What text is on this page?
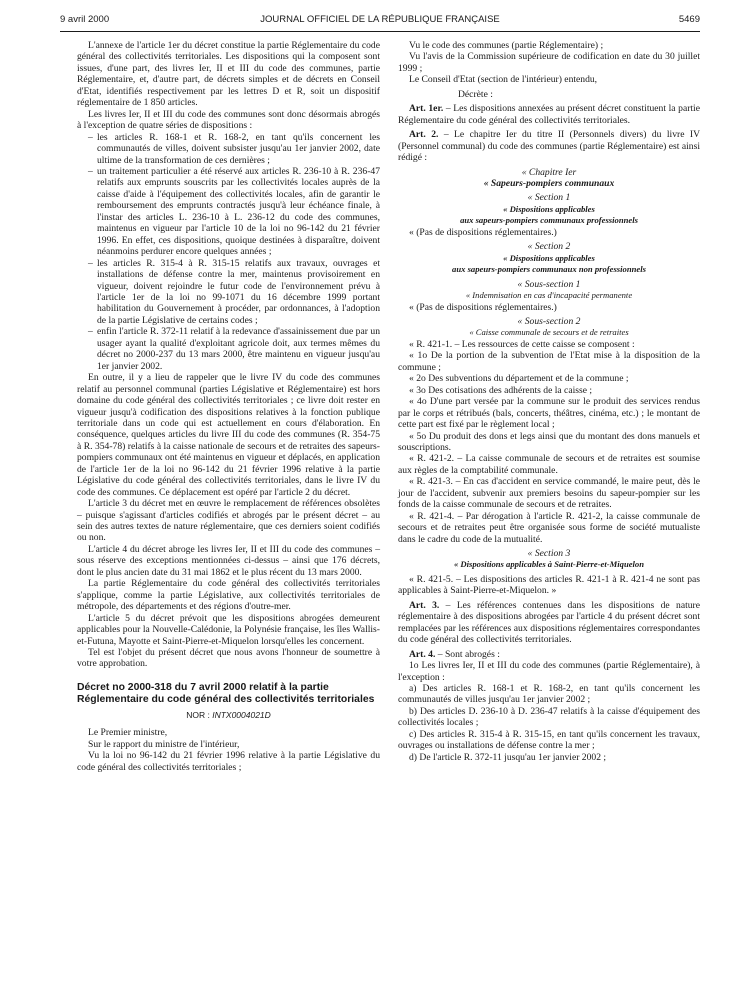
9 avril 2000	JOURNAL OFFICIEL DE LA RÉPUBLIQUE FRANÇAISE	5469

L'annexe de l'article 1er du décret constitue la partie Réglementaire du code général des collectivités territoriales. Les dispositions qui la composent sont issues, d'une part, des livres Ier, II et III du code des communes, partie Réglementaire, et, d'autre part, de décrets simples et de décrets en Conseil d'Etat, identifiés respectivement par les lettres D et R, soit un dispositif réglementaire de 1 850 articles.

Les livres Ier, II et III du code des communes sont donc désormais abrogés à l'exception de quatre séries de dispositions :

– les articles R. 168-1 et R. 168-2, en tant qu'ils concernent les communautés de villes, doivent subsister jusqu'au 1er janvier 2002, date ultime de la transformation de ces dernières ;
– un traitement particulier a été réservé aux articles R. 236-10 à R. 236-47 relatifs aux emprunts souscrits par les collectivités locales auprès de la caisse d'aide à l'équipement des collectivités locales, afin de garantir le remboursement des emprunts contractés jusqu'à leur échéance finale, à l'instar des articles L. 236-10 à L. 236-12 du code des communes, maintenus en vigueur par l'article 10 de la loi no 96-142 du 21 février 1996. En effet, ces dispositions, quoique destinées à disparaître, doivent néanmoins perdurer encore quelques années ;
– les articles R. 315-4 à R. 315-15 relatifs aux travaux, ouvrages et installations de défense contre la mer, maintenus provisoirement en vigueur, doivent rejoindre le futur code de l'environnement prévu à l'article 1er de la loi no 99-1071 du 16 décembre 1999 portant habilitation du Gouvernement à procéder, par ordonnances, à l'adoption de la partie Législative de certains codes ;
– enfin l'article R. 372-11 relatif à la redevance d'assainissement due par un usager ayant la qualité d'exploitant agricole doit, aux termes mêmes du décret no 2000-237 du 13 mars 2000, être maintenu en vigueur jusqu'au 1er janvier 2002.

En outre, il y a lieu de rappeler que le livre IV du code des communes relatif au personnel communal (parties Législative et Réglementaire) est hors domaine du code général des collectivités territoriales ; ce livre doit rester en vigueur jusqu'à codification des dispositions relatives à la fonction publique territoriale dans un code qui est actuellement en cours d'élaboration. En conséquence, quelques articles du livre III du code des communes (R. 354-75 à R. 354-78) relatifs à la caisse nationale de secours et de retraites des sapeurs-pompiers communaux ont été maintenus en vigueur et déplacés, en application de l'article 1er de la loi no 96-142 du 21 février 1996 relative à la partie Législative du code général des collectivités territoriales, dans le livre IV du code des communes. Ce déplacement est opéré par l'article 2 du décret.

L'article 3 du décret met en œuvre le remplacement de références obsolètes – puisque s'agissant d'articles codifiés et abrogés par le présent décret – au sein des autres textes de nature réglementaire, que ces derniers soient codifiés ou non.

L'article 4 du décret abroge les livres Ier, II et III du code des communes – sous réserve des exceptions mentionnées ci-dessus – ainsi que 176 décrets, dont le plus ancien date du 31 mai 1862 et le plus récent du 13 mars 2000.

La partie Réglementaire du code général des collectivités territoriales s'applique, comme la partie Législative, aux collectivités territoriales de métropole, des départements et des régions d'outre-mer.

L'article 5 du décret prévoit que les dispositions abrogées demeurent applicables pour la Nouvelle-Calédonie, la Polynésie française, les îles Wallis-et-Futuna, Mayotte et Saint-Pierre-et-Miquelon lorsqu'elles les concernent.

Tel est l'objet du présent décret que nous avons l'honneur de soumettre à votre approbation.

Décret no 2000-318 du 7 avril 2000 relatif à la partie Réglementaire du code général des collectivités territoriales
NOR : INTX0004021D

Le Premier ministre,

Sur le rapport du ministre de l'intérieur,

Vu la loi no 96-142 du 21 février 1996 relative à la partie Législative du code général des collectivités territoriales ;

Vu le code des communes (partie Réglementaire) ;

Vu l'avis de la Commission supérieure de codification en date du 30 juillet 1999 ;

Le Conseil d'Etat (section de l'intérieur) entendu,

Décrète :

Art. 1er. – Les dispositions annexées au présent décret constituent la partie Réglementaire du code général des collectivités territoriales.

Art. 2. – Le chapitre Ier du titre II (Personnels divers) du livre IV (Personnel communal) du code des communes (partie Réglementaire) est ainsi rédigé :

« Chapitre Ier

« Sapeurs-pompiers communaux

« Section 1

« Dispositions applicables

aux sapeurs-pompiers communaux professionnels

« (Pas de dispositions réglementaires.)

« Section 2

« Dispositions applicables

aux sapeurs-pompiers communaux non professionnels

« Sous-section 1

« Indemnisation en cas d'incapacité permanente

« (Pas de dispositions réglementaires.)

« Sous-section 2

« Caisse communale de secours et de retraites

« R. 421-1. – Les ressources de cette caisse se composent :

« 1o De la portion de la subvention de l'Etat mise à la disposition de la commune ;

« 2o Des subventions du département et de la commune ;

« 3o Des cotisations des adhérents de la caisse ;

« 4o D'une part versée par la commune sur le produit des services rendus par le corps et rétribués (bals, concerts, théâtres, cinéma, etc.) ; le montant de cette part est fixé par le règlement local ;

« 5o Du produit des dons et legs ainsi que du montant des dons manuels et souscriptions.

« R. 421-2. – La caisse communale de secours et de retraites est soumise aux règles de la comptabilité communale.

« R. 421-3. – En cas d'accident en service commandé, le maire peut, dès le jour de l'accident, subvenir aux premiers besoins du sapeur-pompier sur les fonds de la caisse communale de secours et de retraites.

« R. 421-4. – Par dérogation à l'article R. 421-2, la caisse communale de secours et de retraites peut être organisée sous forme de société mutualiste dans le cadre du code de la mutualité.

« Section 3

« Dispositions applicables à Saint-Pierre-et-Miquelon

« R. 421-5. – Les dispositions des articles R. 421-1 à R. 421-4 ne sont pas applicables à Saint-Pierre-et-Miquelon. »

Art. 3. – Les références contenues dans les dispositions de nature réglementaire à des dispositions abrogées par l'article 4 du présent décret sont remplacées par les références aux dispositions réglementaires correspondantes du code général des collectivités territoriales.

Art. 4. – Sont abrogés :

1o Les livres Ier, II et III du code des communes (partie Réglementaire), à l'exception :

a) Des articles R. 168-1 et R. 168-2, en tant qu'ils concernent les communautés de villes jusqu'au 1er janvier 2002 ;

b) Des articles D. 236-10 à D. 236-47 relatifs à la caisse d'équipement des collectivités locales ;

c) Des articles R. 315-4 à R. 315-15, en tant qu'ils concernent les travaux, ouvrages ou installations de défense contre la mer ;

d) De l'article R. 372-11 jusqu'au 1er janvier 2002 ;
